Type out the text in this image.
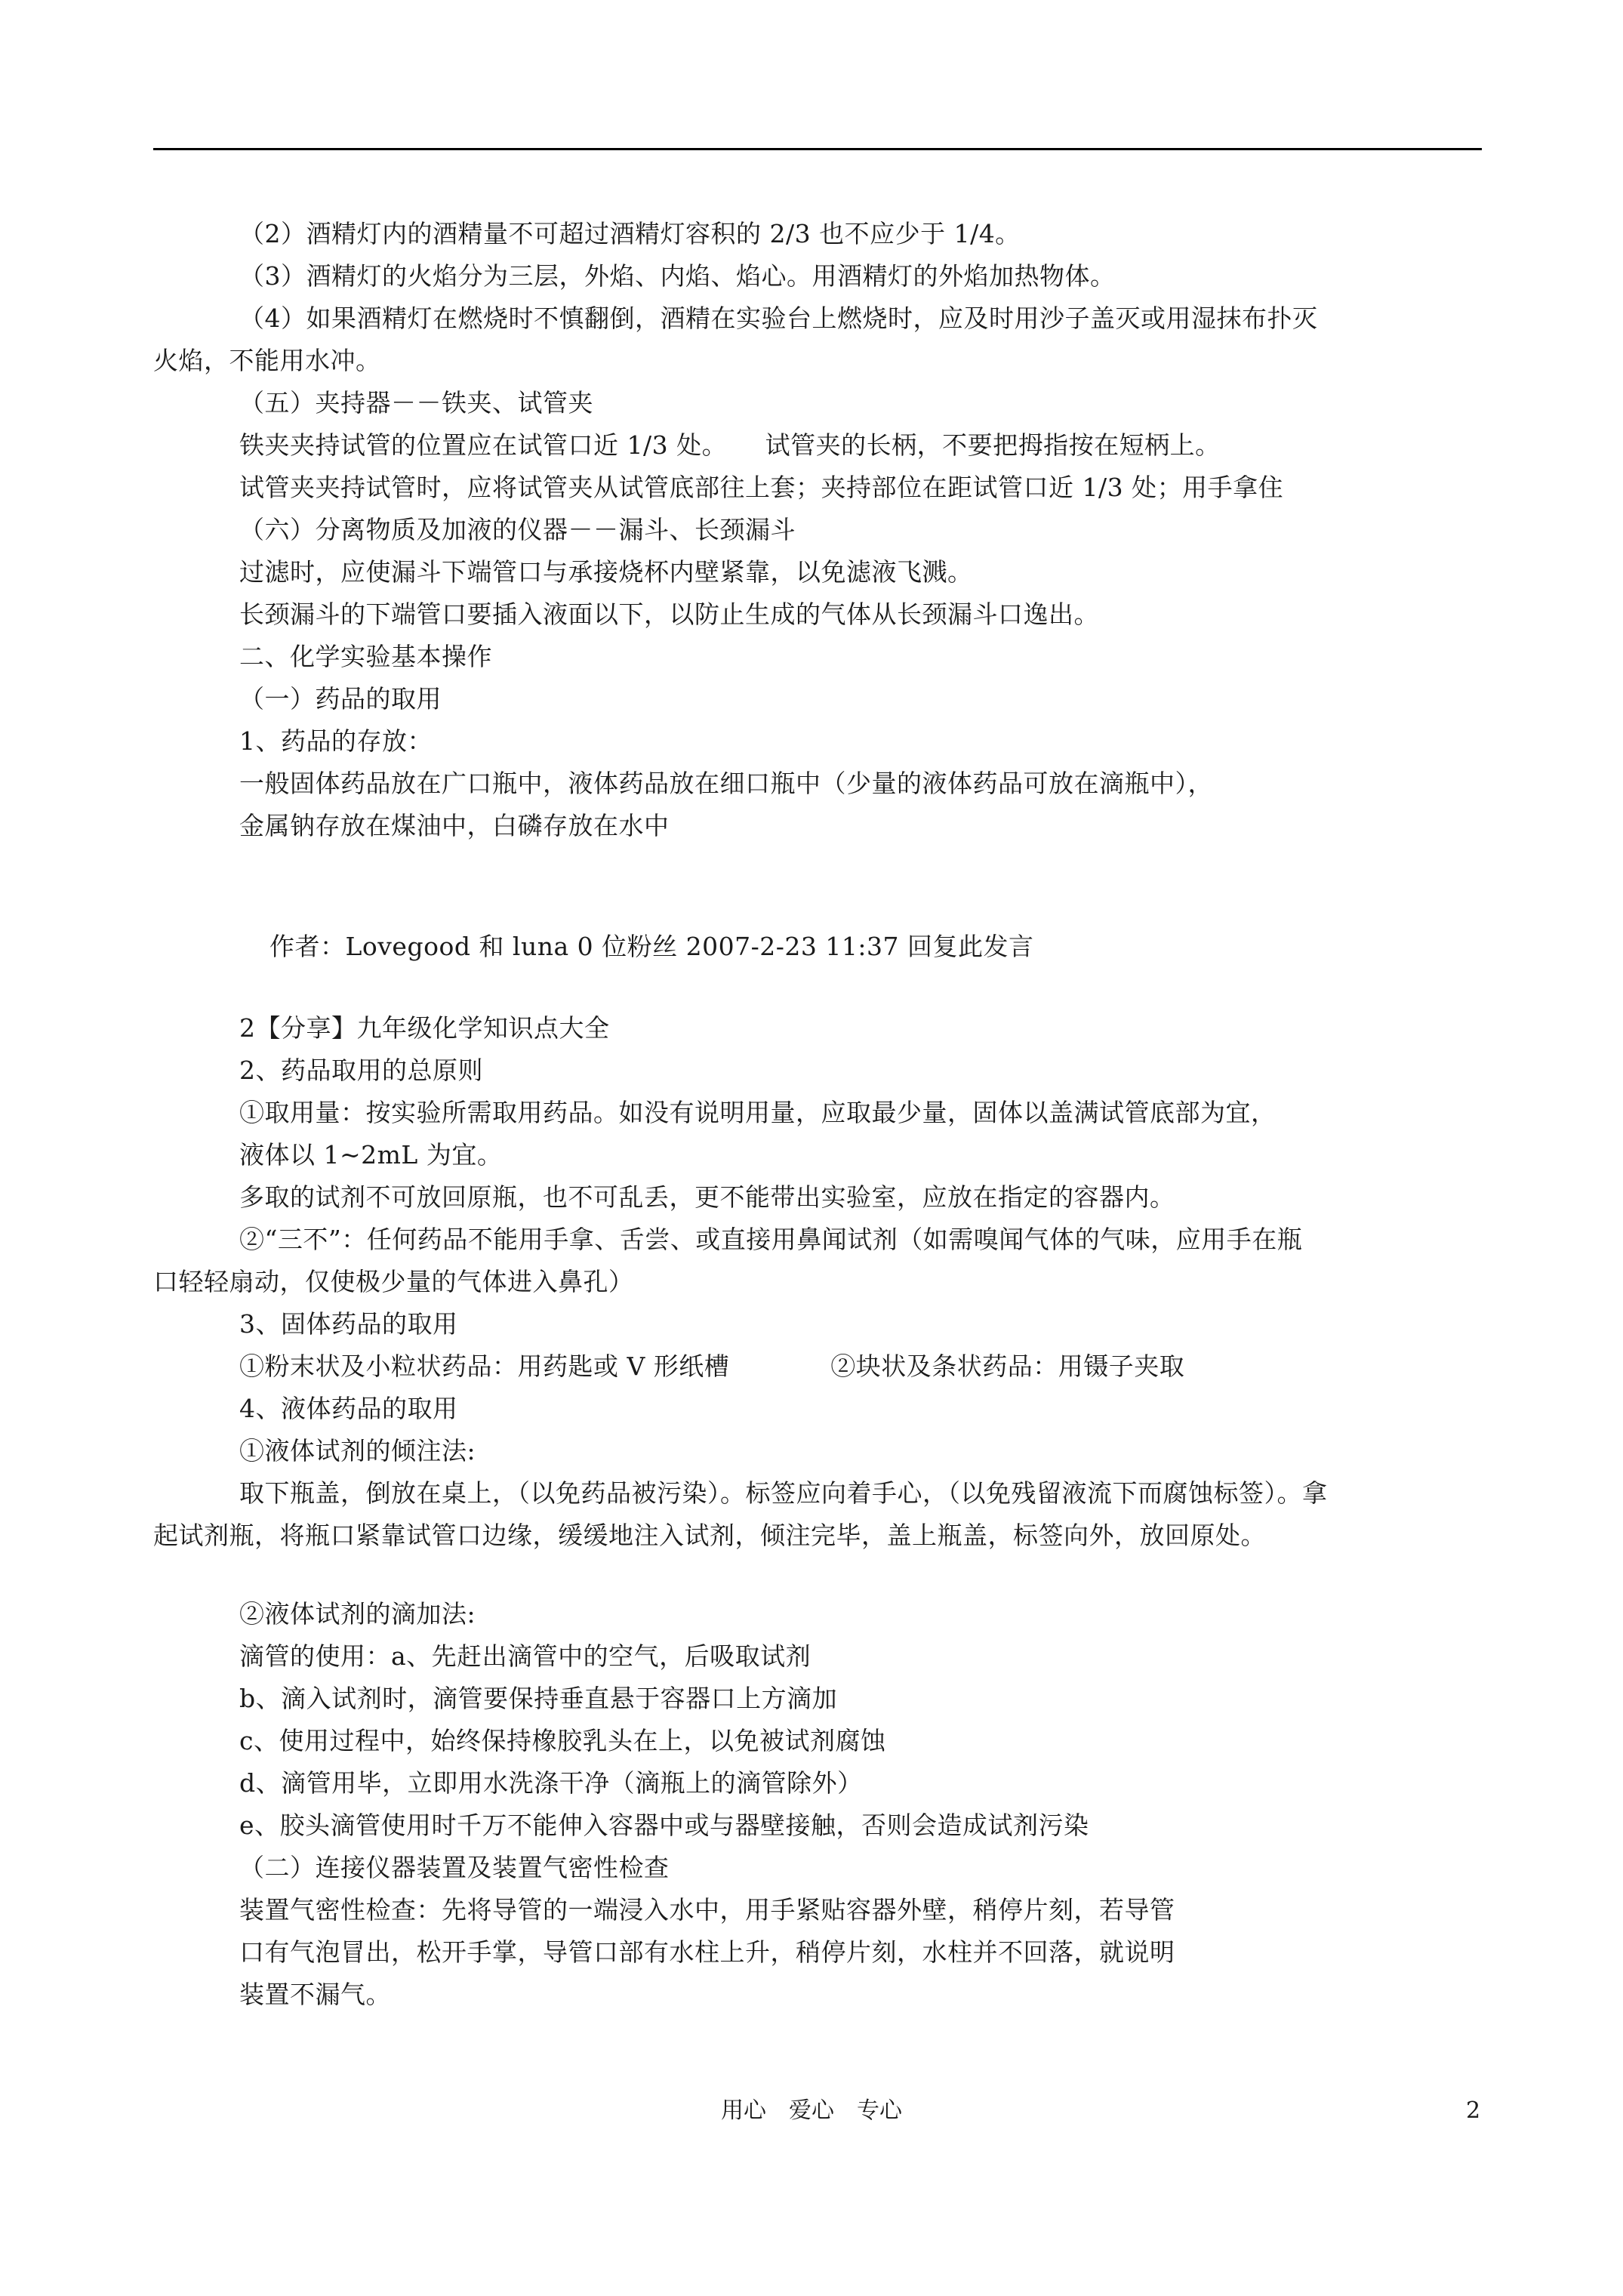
（2）酒精灯内的酒精量不可超过酒精灯容积的 2/3 也不应少于 1/4。
（3）酒精灯的火焰分为三层，外焰、内焰、焰心。用酒精灯的外焰加热物体。
（4）如果酒精灯在燃烧时不慎翻倒，酒精在实验台上燃烧时，应及时用沙子盖灭或用湿抹布扑灭
火焰，不能用水冲。
（五）夹持器－－铁夹、试管夹
铁夹夹持试管的位置应在试管口近 1/3 处。　　试管夹的长柄，不要把拇指按在短柄上。
试管夹夹持试管时，应将试管夹从试管底部往上套；夹持部位在距试管口近 1/3 处；用手拿住
（六）分离物质及加液的仪器－－漏斗、长颈漏斗
过滤时，应使漏斗下端管口与承接烧杯内壁紧靠，以免滤液飞溅。
长颈漏斗的下端管口要插入液面以下，以防止生成的气体从长颈漏斗口逸出。
二、化学实验基本操作
（一）药品的取用
1、药品的存放：
一般固体药品放在广口瓶中，液体药品放在细口瓶中（少量的液体药品可放在滴瓶中），
金属钠存放在煤油中，白磷存放在水中
作者：Lovegood 和 luna 0 位粉丝 2007-2-23 11:37 回复此发言
2【分享】九年级化学知识点大全
2、药品取用的总原则
①取用量：按实验所需取用药品。如没有说明用量，应取最少量，固体以盖满试管底部为宜，
液体以 1~2mL 为宜。
多取的试剂不可放回原瓶，也不可乱丢，更不能带出实验室，应放在指定的容器内。
②“三不”：任何药品不能用手拿、舌尝、或直接用鼻闻试剂（如需嗅闻气体的气味，应用手在瓶
口轻轻扇动，仅使极少量的气体进入鼻孔）
3、固体药品的取用
①粉末状及小粒状药品：用药匙或 V 形纸槽　　　　②块状及条状药品：用镊子夹取
4、液体药品的取用
①液体试剂的倾注法:
取下瓶盖，倒放在桌上，（以免药品被污染）。标签应向着手心，（以免残留液流下而腐蚀标签）。拿
起试剂瓶，将瓶口紧靠试管口边缘，缓缓地注入试剂，倾注完毕，盖上瓶盖，标签向外，放回原处。
②液体试剂的滴加法:
滴管的使用：a、先赶出滴管中的空气，后吸取试剂
b、滴入试剂时，滴管要保持垂直悬于容器口上方滴加
c、使用过程中，始终保持橡胶乳头在上，以免被试剂腐蚀
d、滴管用毕，立即用水洗涤干净（滴瓶上的滴管除外）
e、胶头滴管使用时千万不能伸入容器中或与器壁接触，否则会造成试剂污染
（二）连接仪器装置及装置气密性检查
装置气密性检查：先将导管的一端浸入水中，用手紧贴容器外壁，稍停片刻，若导管
口有气泡冒出，松开手掌，导管口部有水柱上升，稍停片刻，水柱并不回落，就说明
装置不漏气。
用心　爱心　专心	2
